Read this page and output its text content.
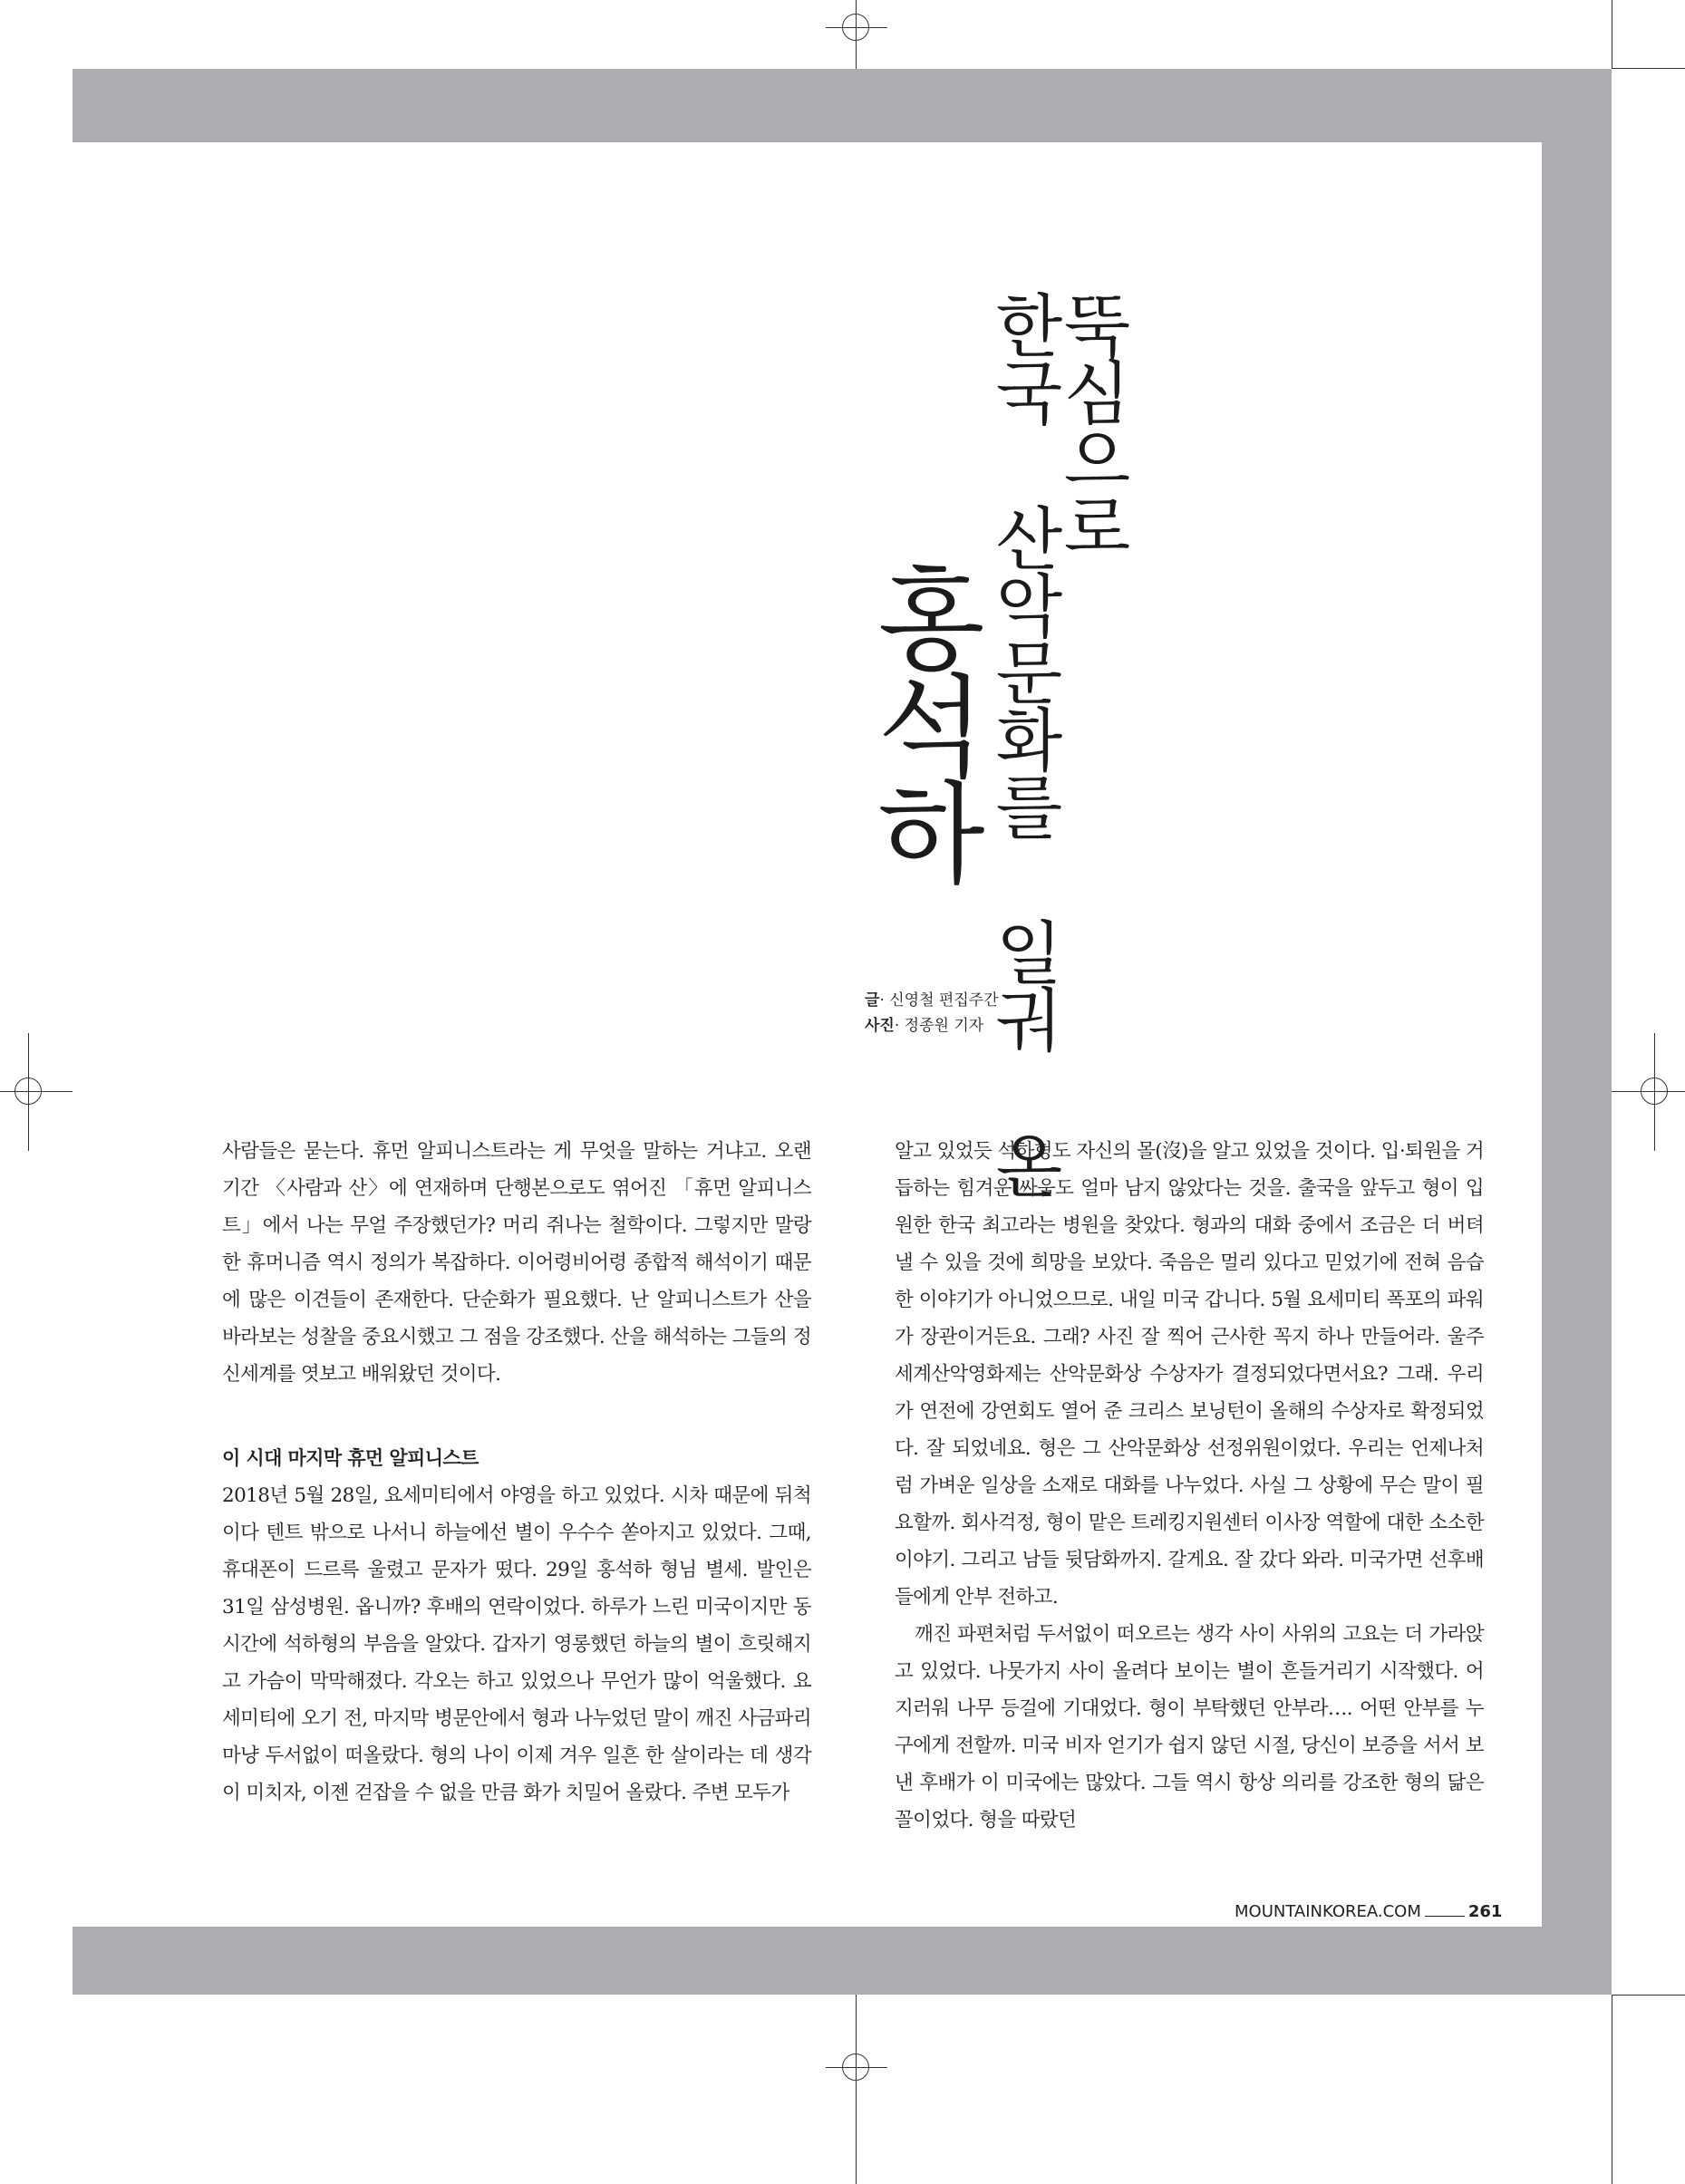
뚝심으로
한국 산악문화를 일궈 온
홍석하
글· 신영철 편집주간
사진· 정종원 기자

사람들은 묻는다. 휴먼 알피니스트라는 게 무엇을 말하는 거냐고. 오랜 기간 〈사람과 산〉에 연재하며 단행본으로도 엮어진 「휴먼 알피니스트」에서 나는 무얼 주장했던가? 머리 쥐나는 철학이다. 그렇지만 말랑한 휴머니즘 역시 정의가 복잡하다. 이어령비어령 종합적 해석이기 때문에 많은 이견들이 존재한다. 단순화가 필요했다. 난 알피니스트가 산을 바라보는 성찰을 중요시했고 그 점을 강조했다. 산을 해석하는 그들의 정신세계를 엿보고 배워왔던 것이다.

이 시대 마지막 휴먼 알피니스트

2018년 5월 28일, 요세미티에서 야영을 하고 있었다. 시차 때문에 뒤척이다 텐트 밖으로 나서니 하늘에선 별이 우수수 쏟아지고 있었다. 그때, 휴대폰이 드르륵 울렸고 문자가 떴다. 29일 홍석하 형님 별세. 발인은 31일 삼성병원. 옵니까? 후배의 연락이었다. 하루가 느린 미국이지만 동시간에 석하형의 부음을 알았다. 갑자기 영롱했던 하늘의 별이 흐릿해지고 가슴이 막막해졌다. 각오는 하고 있었으나 무언가 많이 억울했다. 요세미티에 오기 전, 마지막 병문안에서 형과 나누었던 말이 깨진 사금파리마냥 두서없이 떠올랐다. 형의 나이 이제 겨우 일흔 한 살이라는 데 생각이 미치자, 이젠 걷잡을 수 없을 만큼 화가 치밀어 올랐다. 주변 모두가

알고 있었듯 석하형도 자신의 몰(沒)을 알고 있었을 것이다. 입·퇴원을 거듭하는 힘겨운 싸움도 얼마 남지 않았다는 것을. 출국을 앞두고 형이 입원한 한국 최고라는 병원을 찾았다. 형과의 대화 중에서 조금은 더 버텨낼 수 있을 것에 희망을 보았다. 죽음은 멀리 있다고 믿었기에 전혀 음습한 이야기가 아니었으므로. 내일 미국 갑니다. 5월 요세미티 폭포의 파워가 장관이거든요. 그래? 사진 잘 찍어 근사한 꼭지 하나 만들어라. 울주세계산악영화제는 산악문화상 수상자가 결정되었다면서요? 그래. 우리가 연전에 강연회도 열어 준 크리스 보닝턴이 올해의 수상자로 확정되었다. 잘 되었네요. 형은 그 산악문화상 선정위원이었다. 우리는 언제나처럼 가벼운 일상을 소재로 대화를 나누었다. 사실 그 상황에 무슨 말이 필요할까. 회사걱정, 형이 맡은 트레킹지원센터 이사장 역할에 대한 소소한 이야기. 그리고 남들 뒷담화까지. 갈게요. 잘 갔다 와라. 미국가면 선후배들에게 안부 전하고.

깨진 파편처럼 두서없이 떠오르는 생각 사이 사위의 고요는 더 가라앉고 있었다. 나뭇가지 사이 올려다 보이는 별이 흔들거리기 시작했다. 어지러워 나무 등걸에 기대었다. 형이 부탁했던 안부라…. 어떤 안부를 누구에게 전할까. 미국 비자 얻기가 쉽지 않던 시절, 당신이 보증을 서서 보낸 후배가 이 미국에는 많았다. 그들 역시 항상 의리를 강조한 형의 닮은꼴이었다. 형을 따랐던

MOUNTAINKOREA.COM	261
